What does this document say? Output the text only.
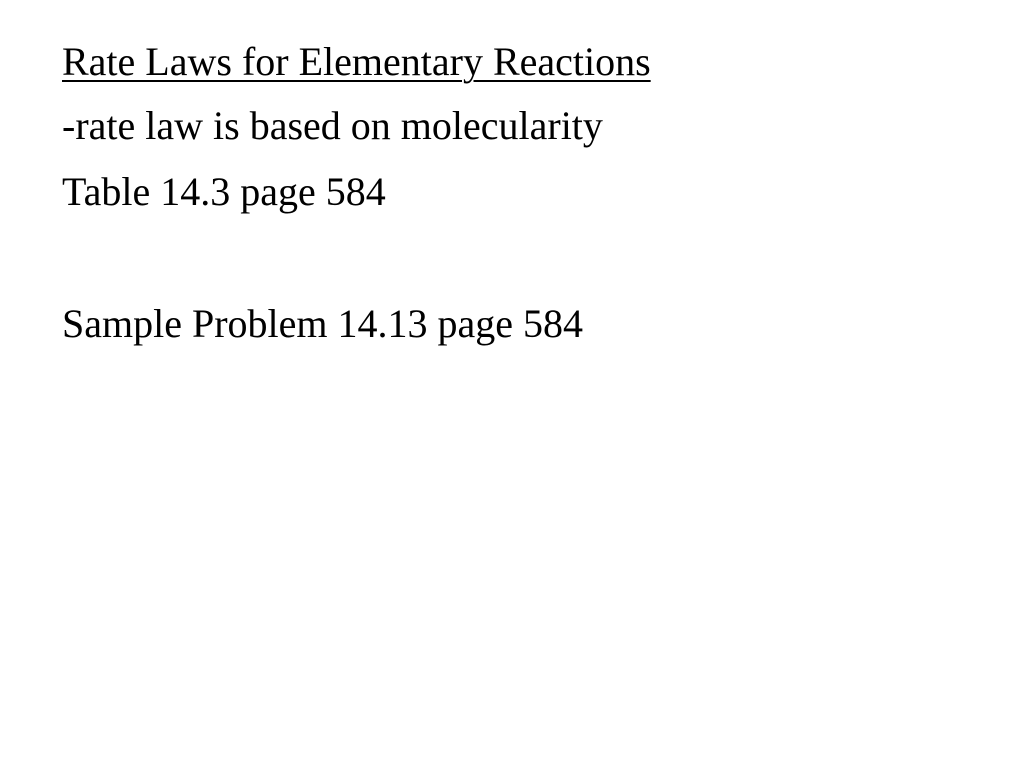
Rate Laws for Elementary Reactions

-rate law is based on molecularity

Table 14.3 page 584

Sample Problem 14.13 page 584
